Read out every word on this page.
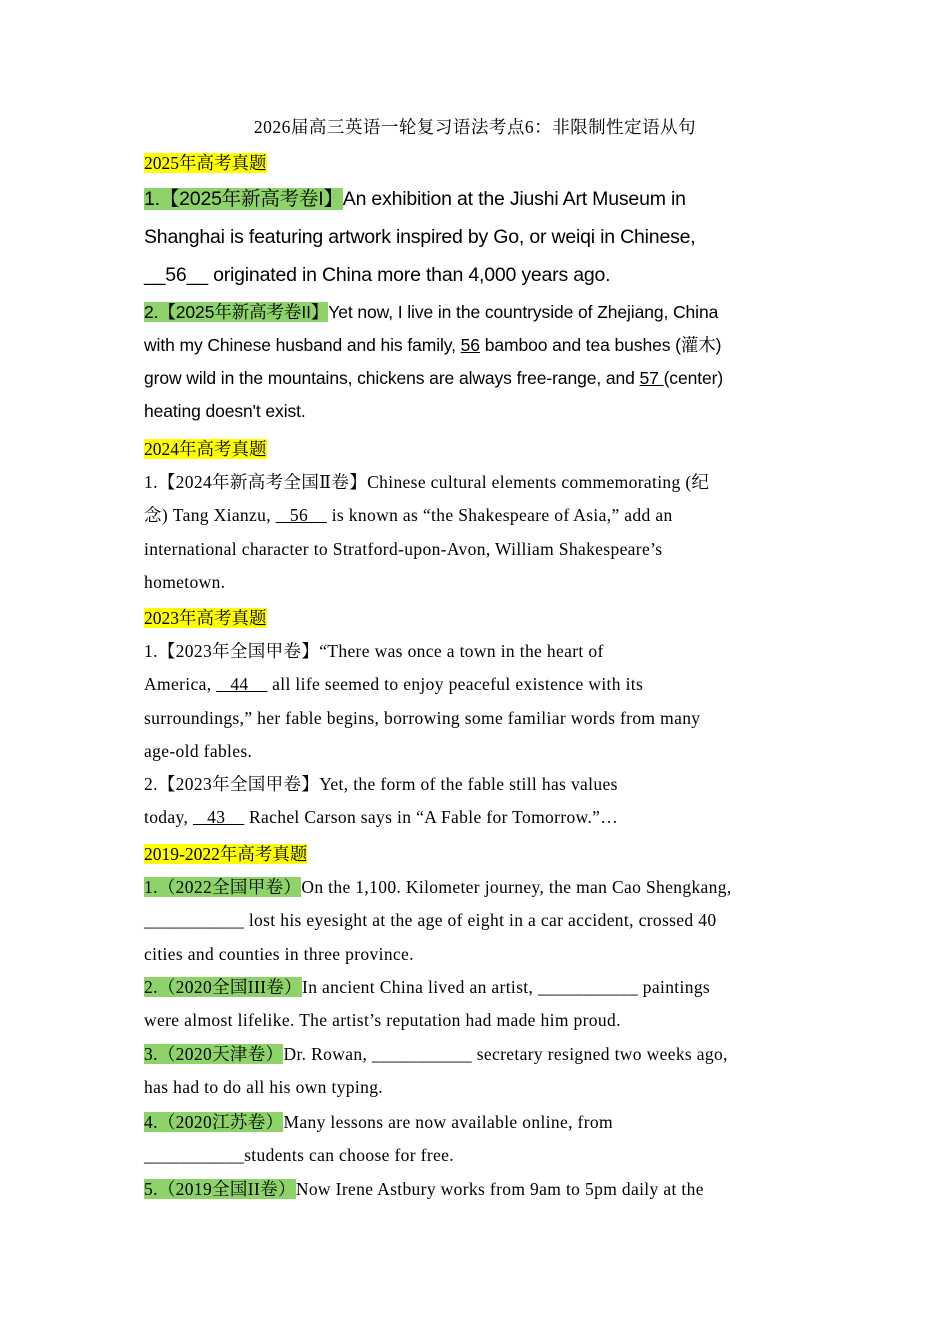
2026届高三英语一轮复习语法考点6：非限制性定语从句
2025年高考真题
1.【2025年新高考卷I】An exhibition at the Jiushi Art Museum in
Shanghai is featuring artwork inspired by Go, or weiqi in Chinese,
__56__ originated in China more than 4,000 years ago.
2.【2025年新高考卷II】Yet now, I live in the countryside of Zhejiang, China
with my Chinese husband and his family, 56 bamboo and tea bushes (灌木)
grow wild in the mountains, chickens are always free-range, and 57 (center)
heating doesn't exist.
2024年高考真题
1.【2024年新高考全国Ⅱ卷】Chinese cultural elements commemorating (纪
念) Tang Xianzu,    56     is known as “the Shakespeare of Asia,” add an
international character to Stratford-upon-Avon, William Shakespeare’s
hometown.
2023年高考真题
1.【2023年全国甲卷】“There was once a town in the heart of
America,    44     all life seemed to enjoy peaceful existence with its
surroundings,” her fable begins, borrowing some familiar words from many
age-old fables.
2.【2023年全国甲卷】Yet, the form of the fable still has values
today,    43     Rachel Carson says in “A Fable for Tomorrow.”…
2019-2022年高考真题
1.（2022全国甲卷）On the 1,100. Kilometer journey, the man Cao Shengkang,
___________ lost his eyesight at the age of eight in a car accident, crossed 40
cities and counties in three province.
2.（2020全国III卷）In ancient China lived an artist, ___________ paintings
were almost lifelike. The artist’s reputation had made him proud.
3.（2020天津卷）Dr. Rowan, ___________ secretary resigned two weeks ago,
has had to do all his own typing.
4.（2020江苏卷）Many lessons are now available online, from
___________students can choose for free.
5.（2019全国II卷）Now Irene Astbury works from 9am to 5pm daily at the
